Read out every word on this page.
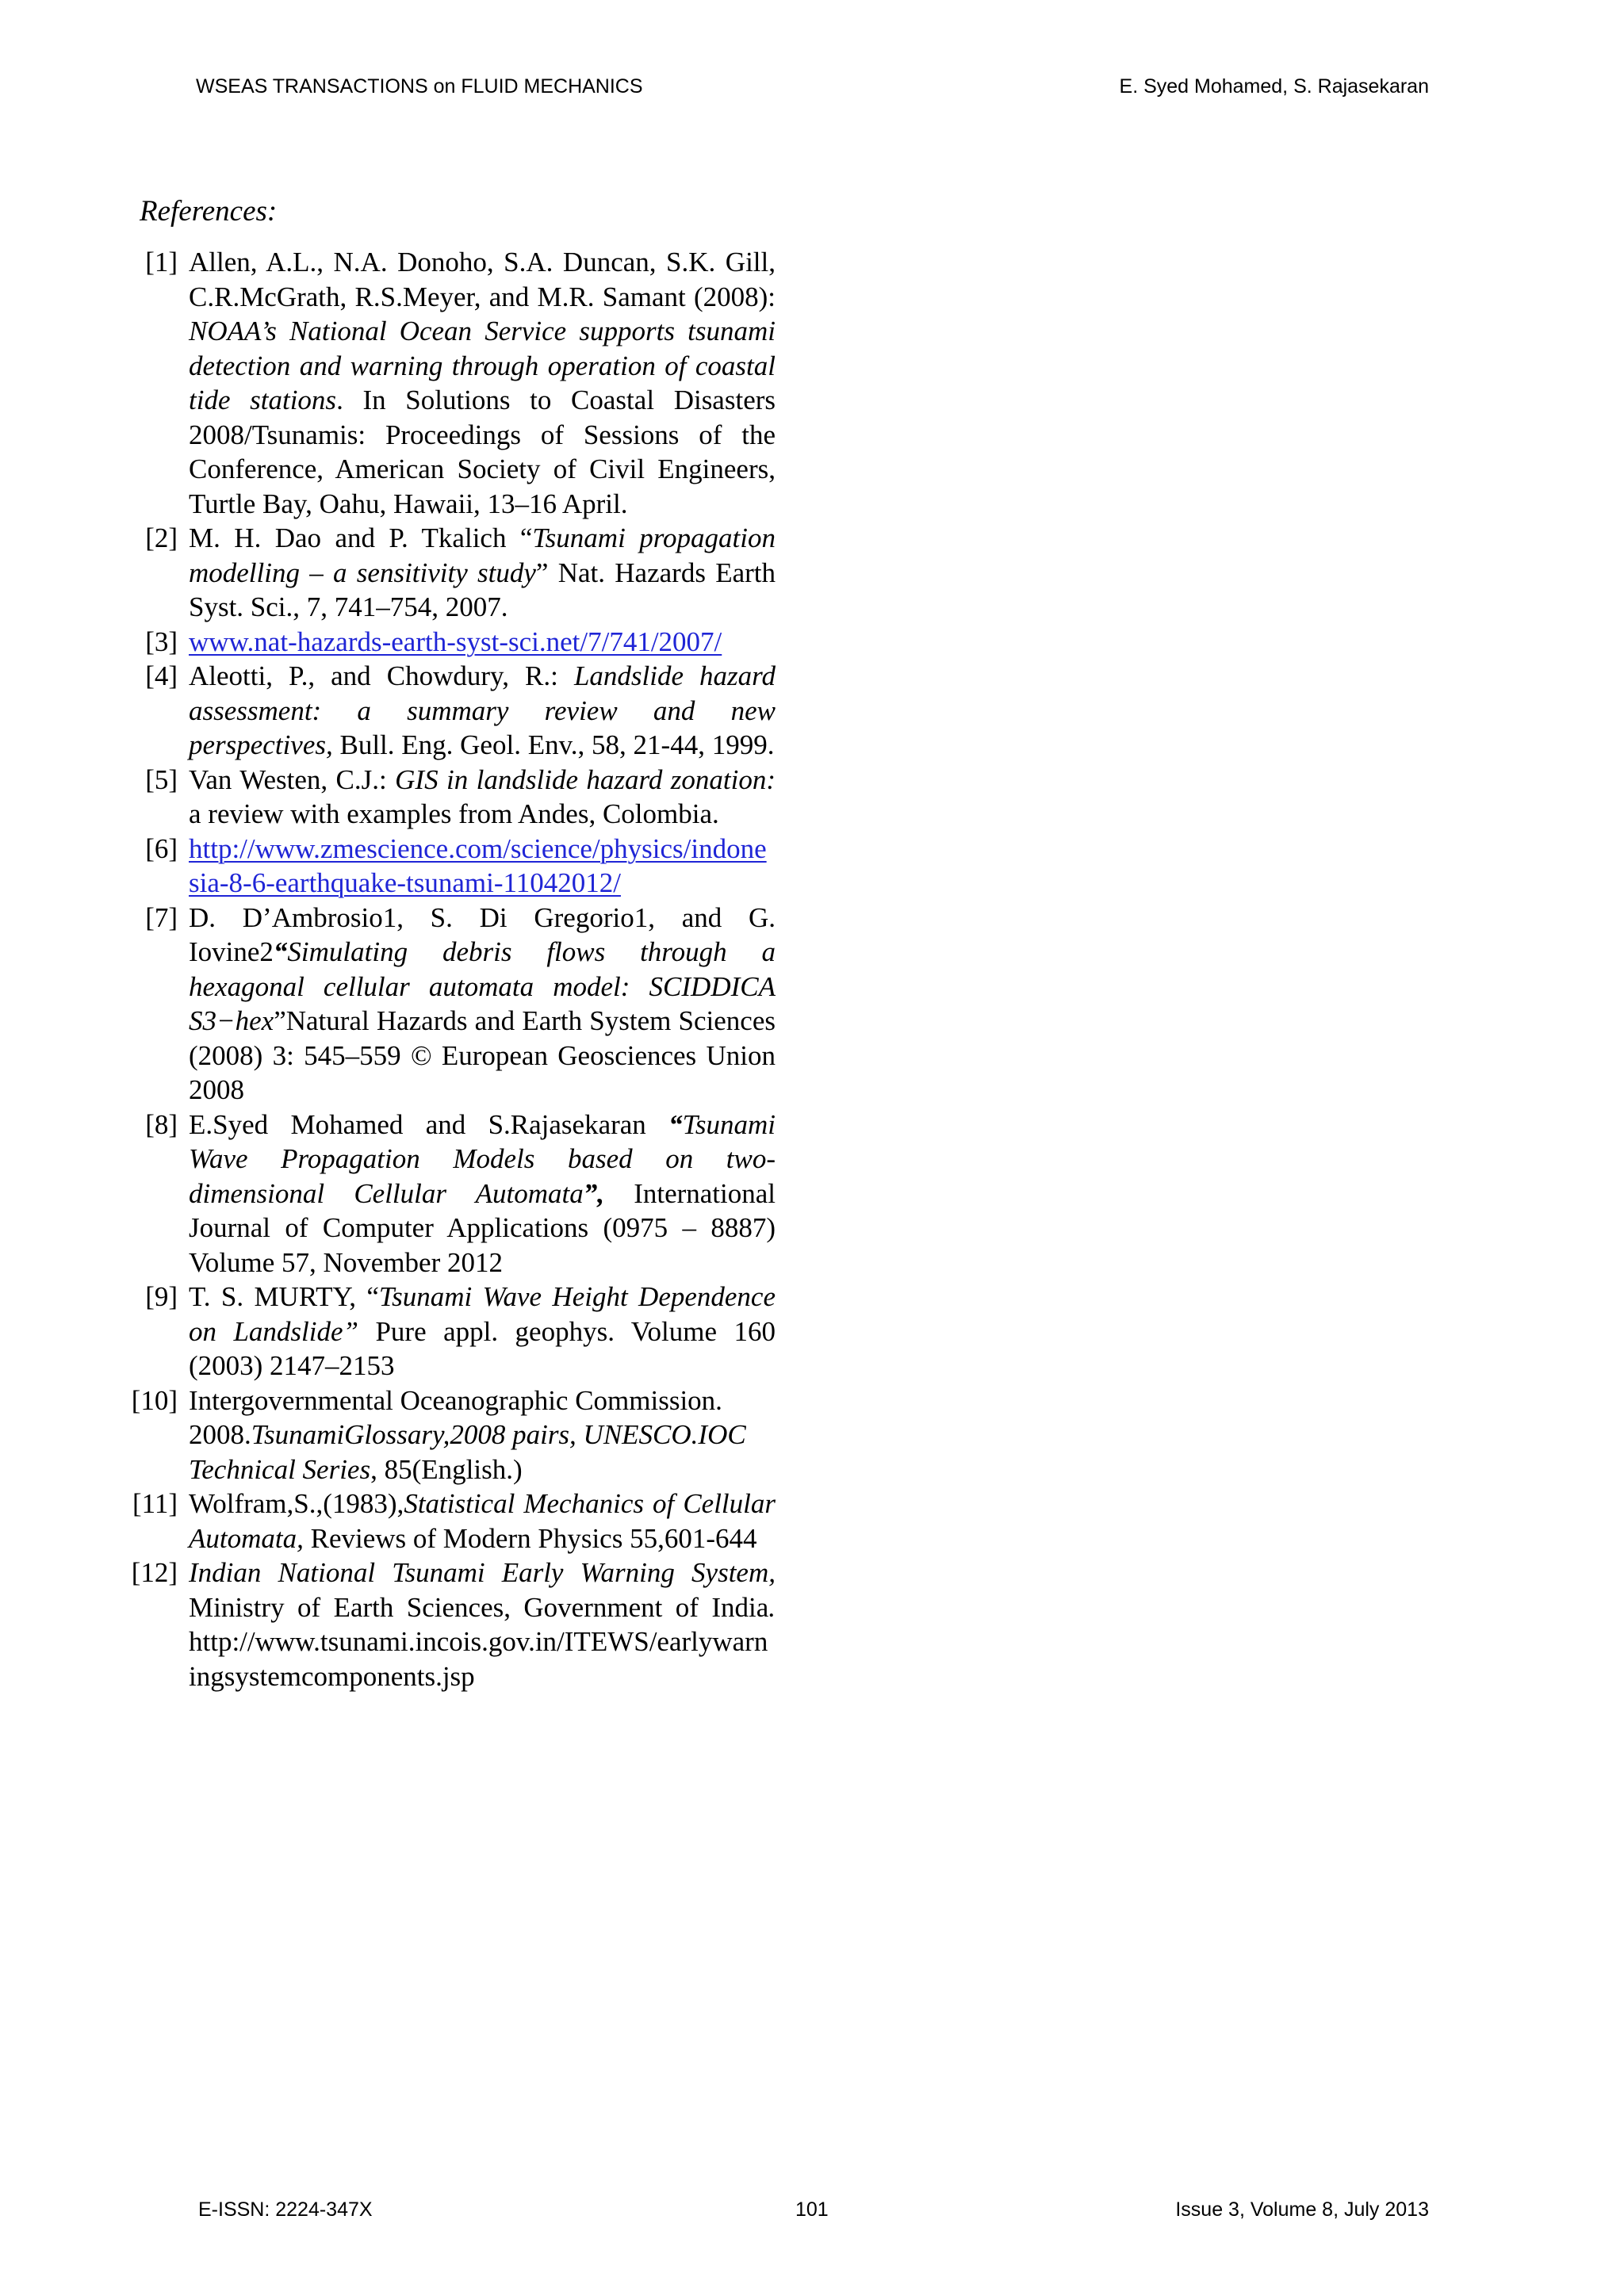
WSEAS TRANSACTIONS on FLUID MECHANICS	E. Syed Mohamed, S. Rajasekaran
References:
[1] Allen, A.L., N.A. Donoho, S.A. Duncan, S.K. Gill, C.R.McGrath, R.S.Meyer, and M.R. Samant (2008): NOAA’s National Ocean Service supports tsunami detection and warning through operation of coastal tide stations. In Solutions to Coastal Disasters 2008/Tsunamis: Proceedings of Sessions of the Conference, American Society of Civil Engineers, Turtle Bay, Oahu, Hawaii, 13–16 April.
[2] M. H. Dao and P. Tkalich “Tsunami propagation modelling – a sensitivity study” Nat. Hazards Earth Syst. Sci., 7, 741–754, 2007.
[3] www.nat-hazards-earth-syst-sci.net/7/741/2007/
[4] Aleotti, P., and Chowdury, R.: Landslide hazard assessment: a summary review and new perspectives, Bull. Eng. Geol. Env., 58, 21-44, 1999.
[5] Van Westen, C.J.: GIS in landslide hazard zonation: a review with examples from Andes, Colombia.
[6] http://www.zmescience.com/science/physics/indonesia-8-6-earthquake-tsunami-11042012/
[7] D. D’Ambrosio1, S. Di Gregorio1, and G. Iovine2“Simulating debris flows through a hexagonal cellular automata model: SCIDDICA S3−hex”Natural Hazards and Earth System Sciences (2008) 3: 545–559 © European Geosciences Union 2008
[8] E.Syed Mohamed and S.Rajasekaran “Tsunami Wave Propagation Models based on two-dimensional Cellular Automata”, International Journal of Computer Applications (0975 – 8887) Volume 57, November 2012
[9] T. S. MURTY, “Tsunami Wave Height Dependence on Landslide” Pure appl. geophys. Volume 160 (2003) 2147–2153
[10] Intergovernmental Oceanographic Commission. 2008.TsunamiGlossary,2008 pairs, UNESCO.IOC Technical Series, 85(English.)
[11] Wolfram,S.,(1983),Statistical Mechanics of Cellular Automata, Reviews of Modern Physics 55,601-644
[12] Indian National Tsunami Early Warning System, Ministry of Earth Sciences, Government of India. http://www.tsunami.incois.gov.in/ITEWS/earlywarningsystemcomponents.jsp
E-ISSN: 2224-347X	101	Issue 3, Volume 8, July 2013
